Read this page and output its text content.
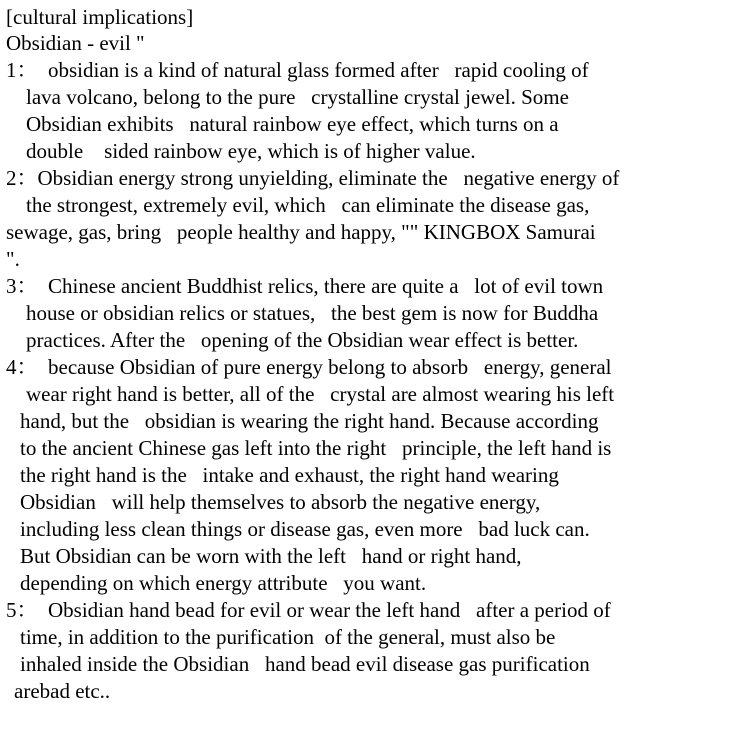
[cultural implications]

Obsidian - evil "

1：  obsidian is a kind of natural glass formed after   rapid cooling of

lava volcano, belong to the pure   crystalline crystal jewel. Some

Obsidian exhibits   natural rainbow eye effect, which turns on a

double    sided rainbow eye, which is of higher value.

2：Obsidian energy strong unyielding, eliminate the   negative energy of

the strongest, extremely evil, which   can eliminate the disease gas,

sewage, gas, bring   people healthy and happy, "" KINGBOX Samurai

".

3：  Chinese ancient Buddhist relics, there are quite a   lot of evil town

house or obsidian relics or statues,   the best gem is now for Buddha

practices. After the   opening of the Obsidian wear effect is better.

4：  because Obsidian of pure energy belong to absorb   energy, general

wear right hand is better, all of the   crystal are almost wearing his left

hand, but the   obsidian is wearing the right hand. Because according

to the ancient Chinese gas left into the right   principle, the left hand is

the right hand is the   intake and exhaust, the right hand wearing

Obsidian   will help themselves to absorb the negative energy,

including less clean things or disease gas, even more   bad luck can.

But Obsidian can be worn with the left   hand or right hand,

depending on which energy attribute   you want.

5：  Obsidian hand bead for evil or wear the left hand   after a period of

time, in addition to the purification  of the general, must also be

inhaled inside the Obsidian   hand bead evil disease gas purification

arebad etc..
